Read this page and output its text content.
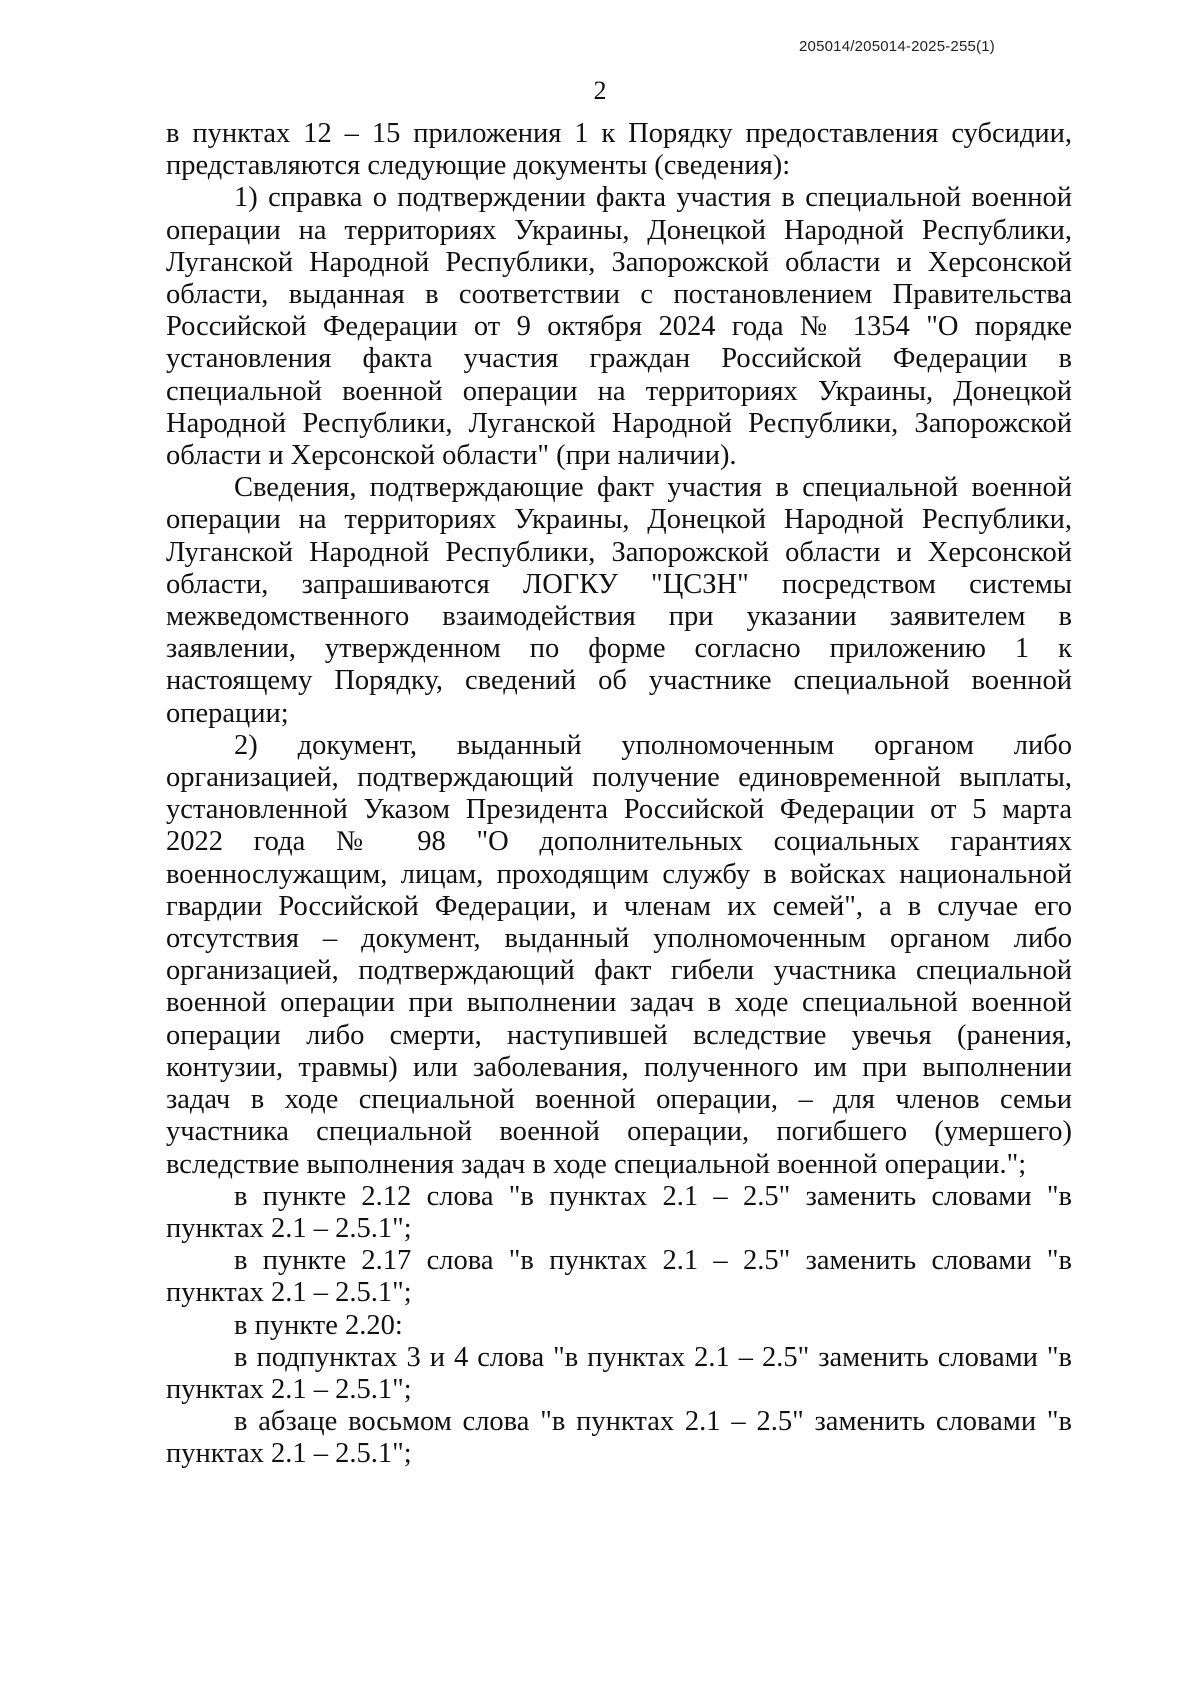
205014/205014-2025-255(1)
2

в пунктах 12 – 15 приложения 1 к Порядку предоставления субсидии, представляются следующие документы (сведения):

1) справка о подтверждении факта участия в специальной военной операции на территориях Украины, Донецкой Народной Республики, Луганской Народной Республики, Запорожской области и Херсонской области, выданная в соответствии с постановлением Правительства Российской Федерации от 9 октября 2024 года № 1354 "О порядке установления факта участия граждан Российской Федерации в специальной военной операции на территориях Украины, Донецкой Народной Республики, Луганской Народной Республики, Запорожской области и Херсонской области" (при наличии).

Сведения, подтверждающие факт участия в специальной военной операции на территориях Украины, Донецкой Народной Республики, Луганской Народной Республики, Запорожской области и Херсонской области, запрашиваются ЛОГКУ "ЦСЗН" посредством системы межведомственного взаимодействия при указании заявителем в заявлении, утвержденном по форме согласно приложению 1 к настоящему Порядку, сведений об участнике специальной военной операции;

2) документ, выданный уполномоченным органом либо организацией, подтверждающий получение единовременной выплаты, установленной Указом Президента Российской Федерации от 5 марта 2022 года № 98 "О дополнительных социальных гарантиях военнослужащим, лицам, проходящим службу в войсках национальной гвардии Российской Федерации, и членам их семей", а в случае его отсутствия – документ, выданный уполномоченным органом либо организацией, подтверждающий факт гибели участника специальной военной операции при выполнении задач в ходе специальной военной операции либо смерти, наступившей вследствие увечья (ранения, контузии, травмы) или заболевания, полученного им при выполнении задач в ходе специальной военной операции, – для членов семьи участника специальной военной операции, погибшего (умершего) вследствие выполнения задач в ходе специальной военной операции.";

в пункте 2.12 слова "в пунктах 2.1 – 2.5" заменить словами "в пунктах 2.1 – 2.5.1";

в пункте 2.17 слова "в пунктах 2.1 – 2.5" заменить словами "в пунктах 2.1 – 2.5.1";

в пункте 2.20:

в подпунктах 3 и 4 слова "в пунктах 2.1 – 2.5" заменить словами "в пунктах 2.1 – 2.5.1";

в абзаце восьмом слова "в пунктах 2.1 – 2.5" заменить словами "в пунктах 2.1 – 2.5.1";
